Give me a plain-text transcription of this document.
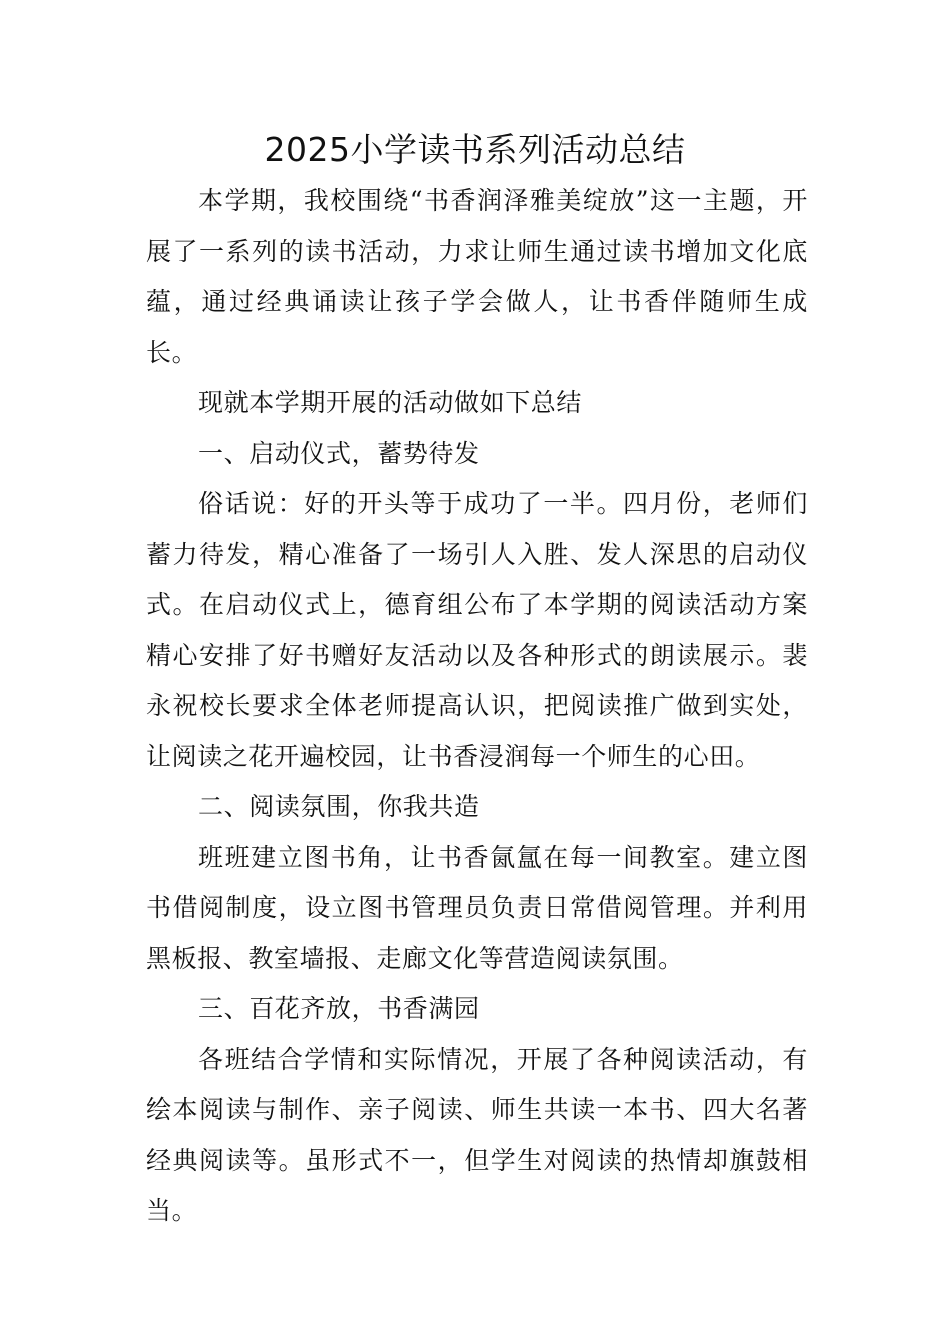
2025小学读书系列活动总结

本学期，我校围绕“书香润泽雅美绽放”这一主题，开展了一系列的读书活动，力求让师生通过读书增加文化底蕴，通过经典诵读让孩子学会做人，让书香伴随师生成长。

现就本学期开展的活动做如下总结

一、启动仪式，蓄势待发

俗话说：好的开头等于成功了一半。四月份，老师们蓄力待发，精心准备了一场引人入胜、发人深思的启动仪式。在启动仪式上，德育组公布了本学期的阅读活动方案精心安排了好书赠好友活动以及各种形式的朗读展示。裴永祝校长要求全体老师提高认识，把阅读推广做到实处，让阅读之花开遍校园，让书香浸润每一个师生的心田。

二、阅读氛围，你我共造

班班建立图书角，让书香氤氲在每一间教室。建立图书借阅制度，设立图书管理员负责日常借阅管理。并利用黑板报、教室墙报、走廊文化等营造阅读氛围。

三、百花齐放，书香满园

各班结合学情和实际情况，开展了各种阅读活动，有绘本阅读与制作、亲子阅读、师生共读一本书、四大名著经典阅读等。虽形式不一，但学生对阅读的热情却旗鼓相当。
